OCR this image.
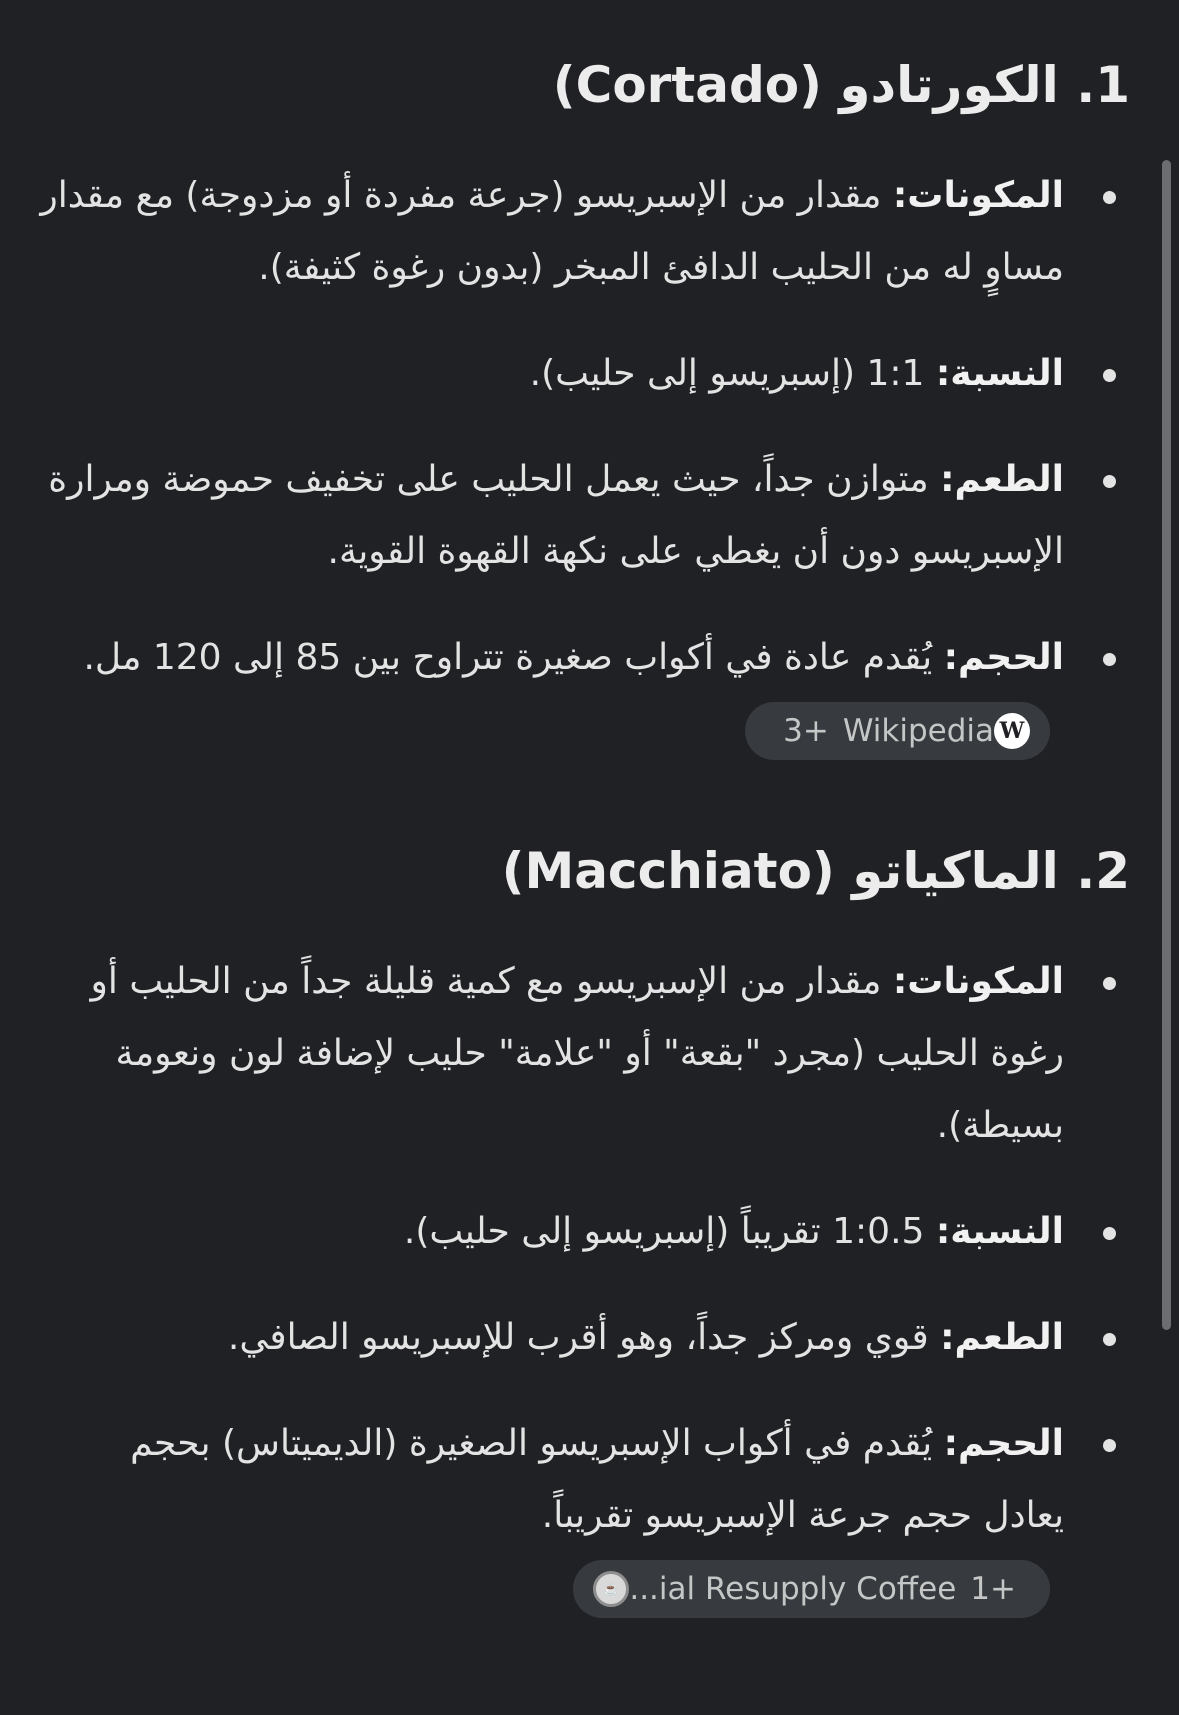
1. الكورتادو (Cortado)
المكونات: مقدار من الإسبريسو (جرعة مفردة أو مزدوجة) مع مقدار مساوٍ له من الحليب الدافئ المبخر (بدون رغوة كثيفة).
النسبة: 1:1 (إسبريسو إلى حليب).
الطعم: متوازن جداً، حيث يعمل الحليب على تخفيف حموضة ومرارة الإسبريسو دون أن يغطي على نكهة القهوة القوية.
الحجم: يُقدم عادة في أكواب صغيرة تتراوح بين 85 إلى 120 مل.
3+ Wikipedia W
2. الماكياتو (Macchiato)
المكونات: مقدار من الإسبريسو مع كمية قليلة جداً من الحليب أو رغوة الحليب (مجرد "بقعة" أو "علامة" حليب لإضافة لون ونعومة بسيطة).
النسبة: 1:0.5 تقريباً (إسبريسو إلى حليب).
الطعم: قوي ومركز جداً، وهو أقرب للإسبريسو الصافي.
الحجم: يُقدم في أكواب الإسبريسو الصغيرة (الديميتاس) بحجم يعادل حجم جرعة الإسبريسو تقريباً.
☕ ...ial Resupply Coffee 1+
